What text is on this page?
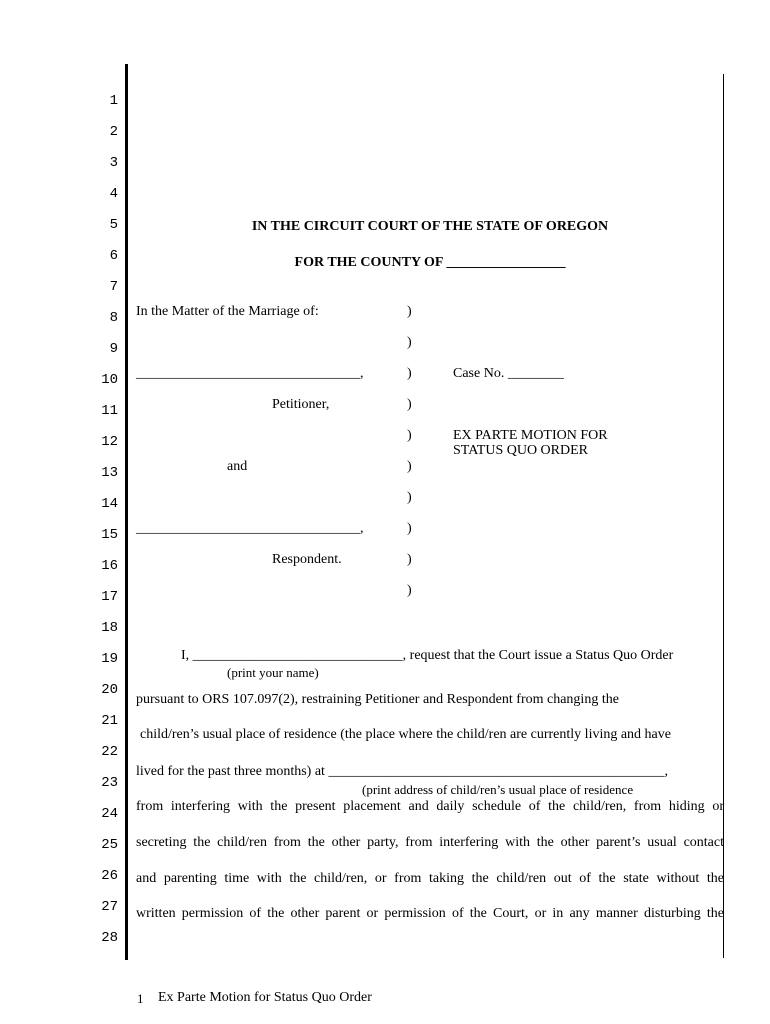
1
2
3
4
5
6
7
8
9
10
11
12
13
14
15
16
17
18
19
20
21
22
23
24
25
26
27
28
IN THE CIRCUIT COURT OF THE STATE OF OREGON
FOR THE COUNTY OF _________________
In the Matter of the Marriage of:
________________________________,
Petitioner,
and
________________________________,
Respondent.
)
)
)
)
)
)
)
)
)
)
Case No. ________
EX PARTE MOTION FOR
STATUS QUO ORDER
I, ______________________________, request that the Court issue a Status Quo Order
(print your name)
pursuant to ORS 107.097(2), restraining Petitioner and Respondent from changing the
child/ren’s usual place of residence (the place where the child/ren are currently living and have
lived for the past three months) at ________________________________________________,
(print address of child/ren’s usual place of residence
from interfering with the present placement and daily schedule of the child/ren, from hiding or
secreting the child/ren from the other party, from interfering with the other parent’s usual contact
and parenting time with the child/ren, or from taking the child/ren out of the state without the
written permission of the other parent or permission of the Court, or in any manner disturbing the
1 Ex Parte Motion for Status Quo Order
